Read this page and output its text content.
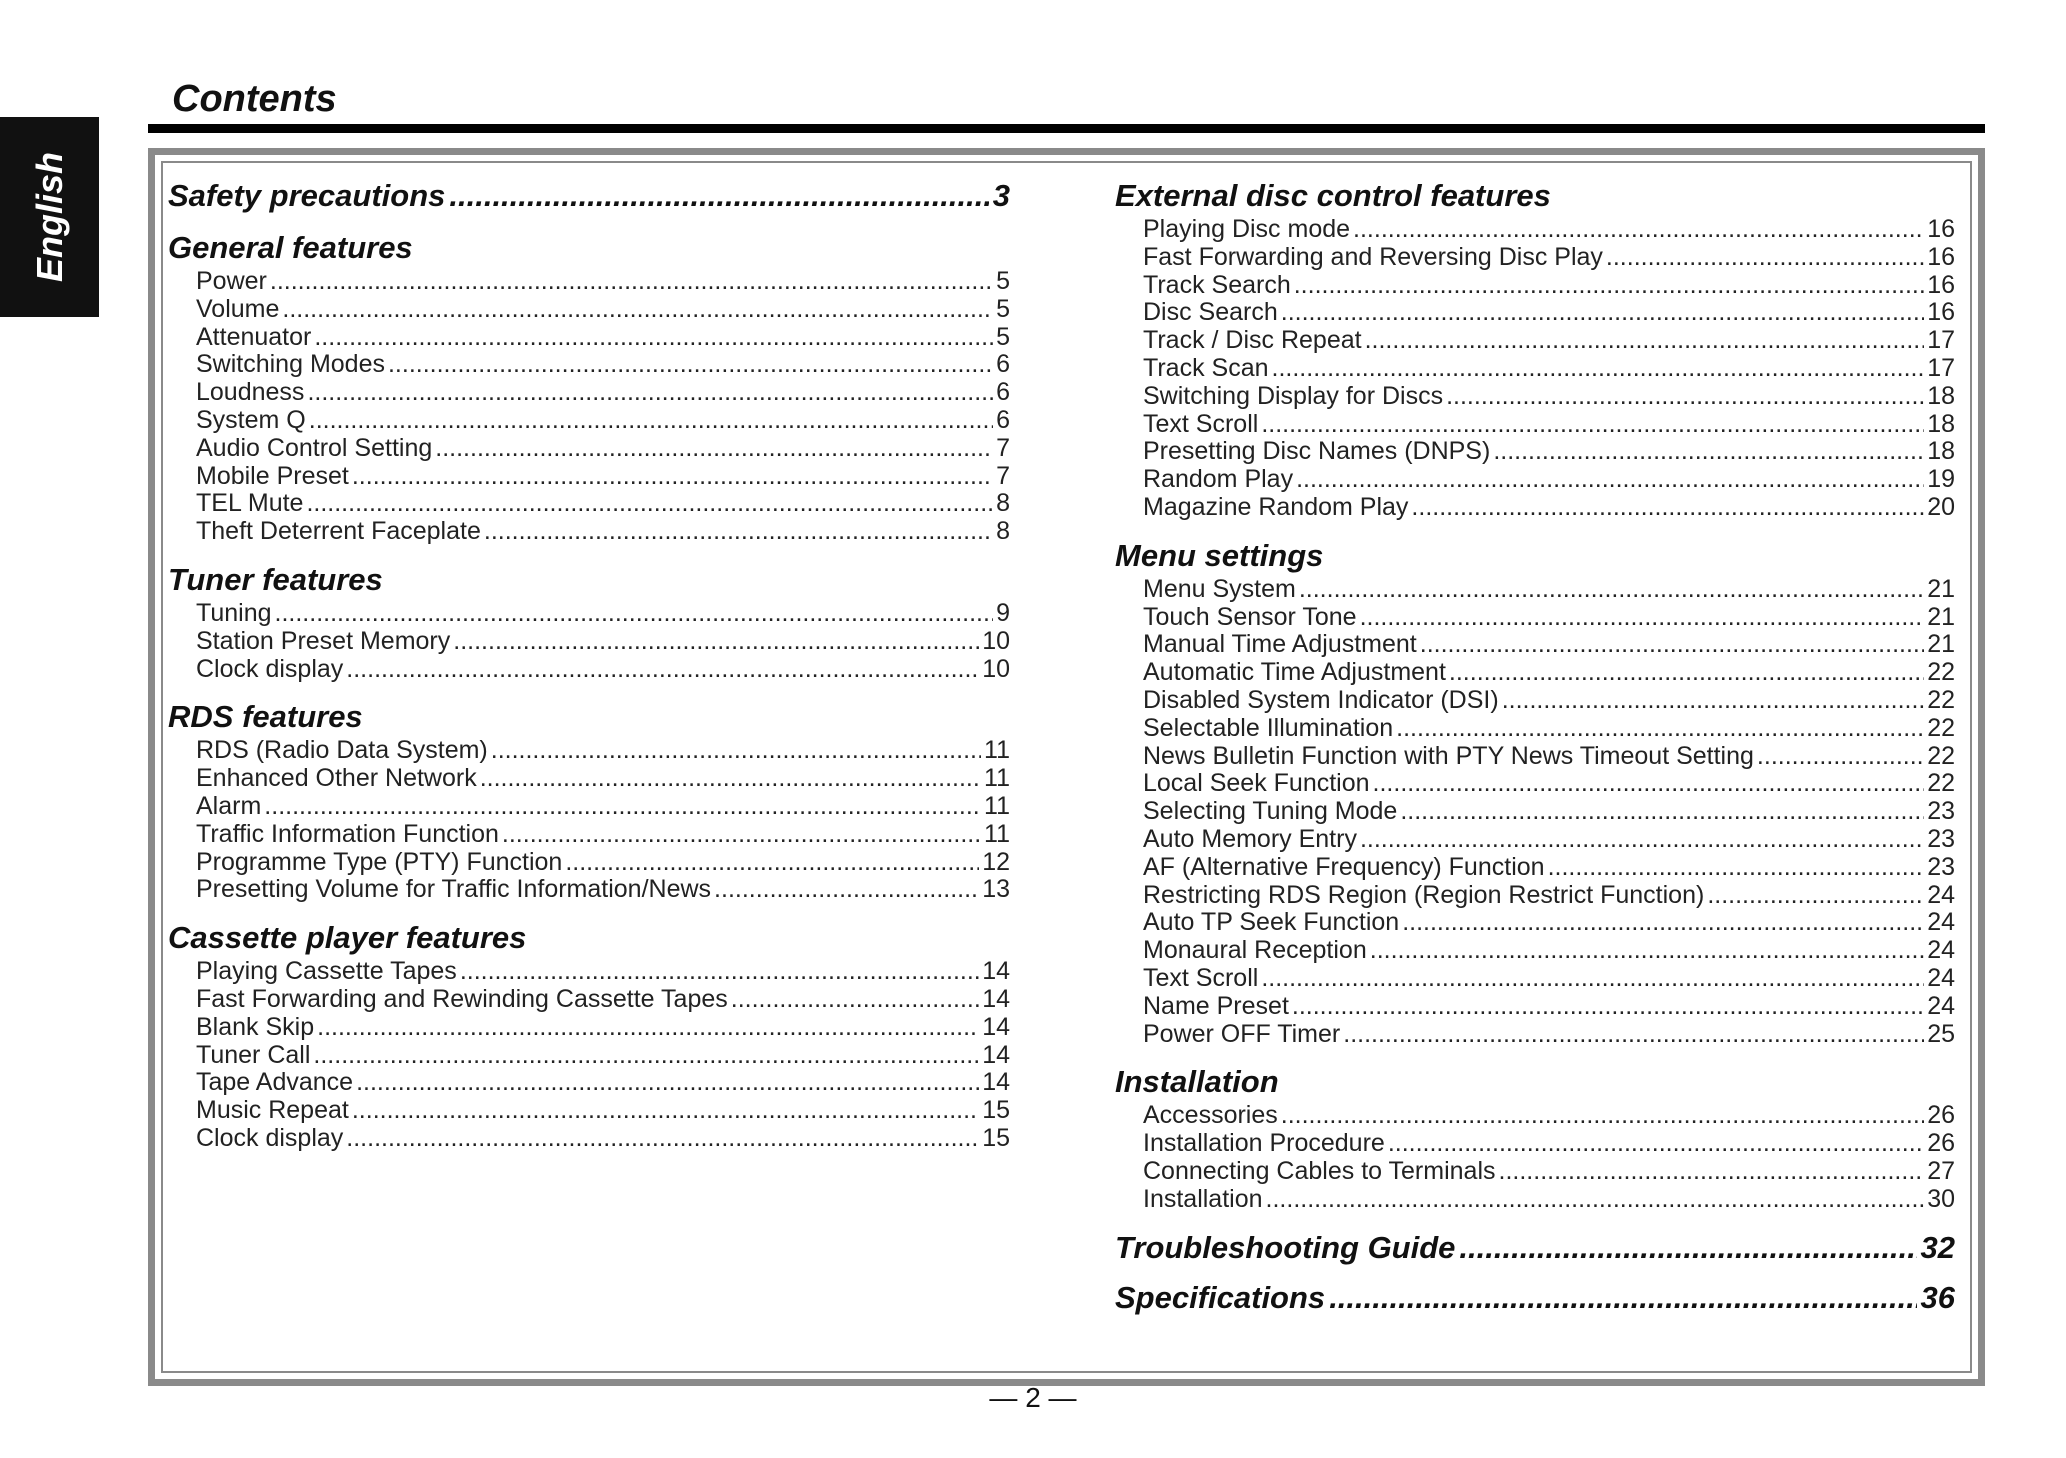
English
Contents
Safety precautions .....	3
General features
Power .....	5
Volume .....	5
Attenuator .....	5
Switching Modes .....	6
Loudness .....	6
System Q .....	6
Audio Control Setting .....	7
Mobile Preset .....	7
TEL Mute .....	8
Theft Deterrent Faceplate .....	8
Tuner features
Tuning .....	9
Station Preset Memory .....	10
Clock display .....	10
RDS features
RDS (Radio Data System) .....	11
Enhanced Other Network .....	11
Alarm .....	11
Traffic Information Function .....	11
Programme Type (PTY) Function .....	12
Presetting Volume for Traffic Information/News .....	13
Cassette player features
Playing Cassette Tapes .....	14
Fast Forwarding and Rewinding Cassette Tapes .....	14
Blank Skip .....	14
Tuner Call .....	14
Tape Advance .....	14
Music Repeat .....	15
Clock display .....	15
External disc control features
Playing Disc mode .....	16
Fast Forwarding and Reversing Disc Play .....	16
Track Search .....	16
Disc Search .....	16
Track / Disc Repeat .....	17
Track Scan .....	17
Switching Display for Discs .....	18
Text Scroll .....	18
Presetting Disc Names (DNPS) .....	18
Random Play .....	19
Magazine Random Play .....	20
Menu settings
Menu System .....	21
Touch Sensor Tone .....	21
Manual Time Adjustment .....	21
Automatic Time Adjustment .....	22
Disabled System Indicator (DSI) .....	22
Selectable Illumination .....	22
News Bulletin Function with PTY News Timeout Setting .....	22
Local Seek Function .....	22
Selecting Tuning Mode .....	23
Auto Memory Entry .....	23
AF (Alternative Frequency) Function .....	23
Restricting RDS Region (Region Restrict Function) .....	24
Auto TP Seek Function .....	24
Monaural Reception .....	24
Text Scroll .....	24
Name Preset .....	24
Power OFF Timer .....	25
Installation
Accessories .....	26
Installation Procedure .....	26
Connecting Cables to Terminals .....	27
Installation .....	30
Troubleshooting Guide .....	32
Specifications .....	36
— 2 —
